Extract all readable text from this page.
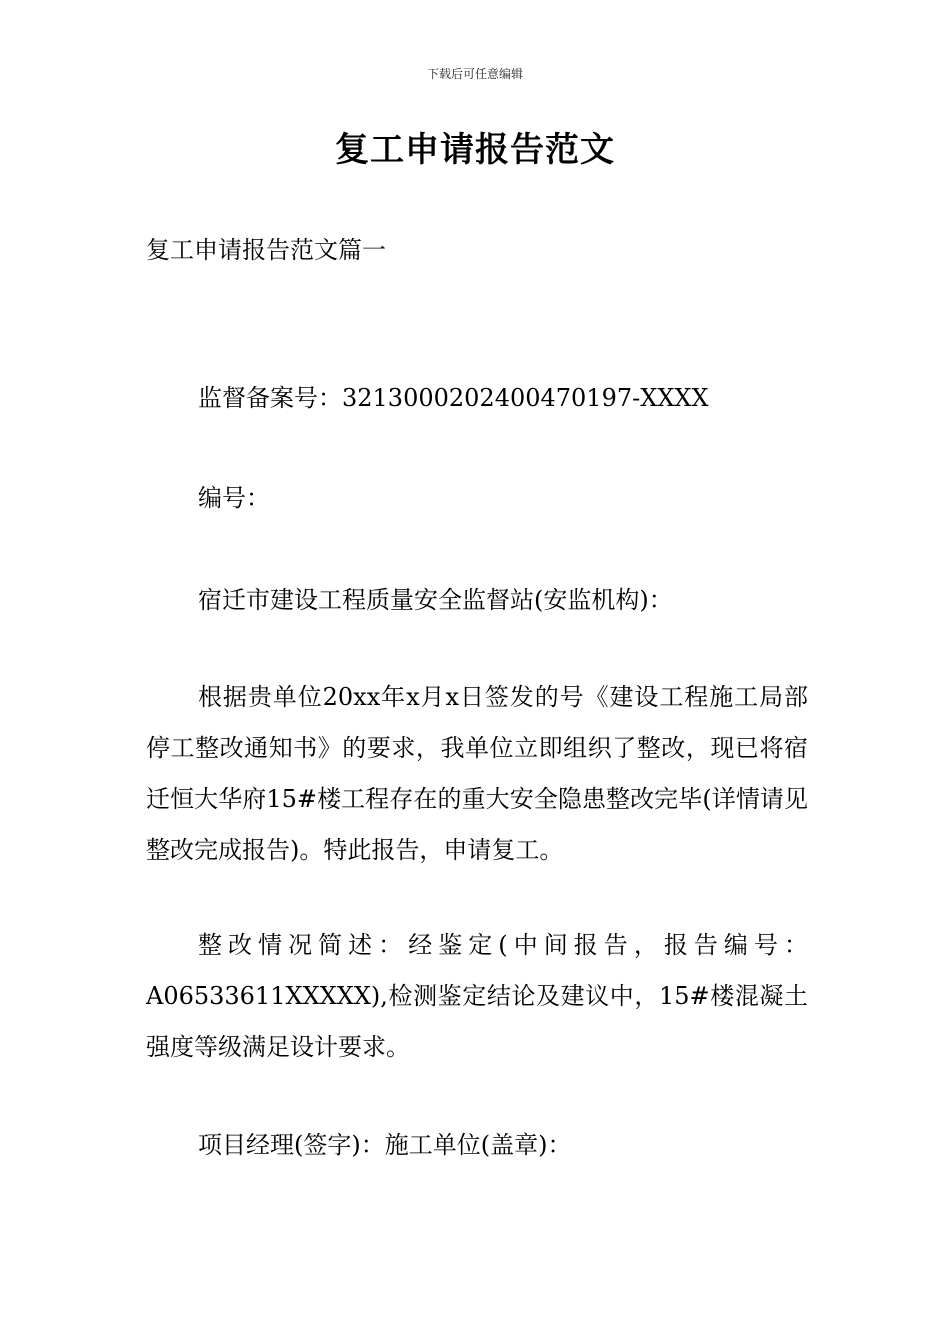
下载后可任意编辑
复工申请报告范文

复工申请报告范文篇一

监督备案号：3213000202400470197-XXXX

编号：

宿迁市建设工程质量安全监督站(安监机构)：

根据贵单位20xx年x月x日签发的号《建设工程施工局部停工整改通知书》的要求，我单位立即组织了整改，现已将宿迁恒大华府15#楼工程存在的重大安全隐患整改完毕(详情请见整改完成报告)。特此报告，申请复工。

整改情况简述：经鉴定(中间报告，报告编号：A06533611XXXXX),检测鉴定结论及建议中，15#楼混凝土强度等级满足设计要求。

项目经理(签字)：施工单位(盖章)：
